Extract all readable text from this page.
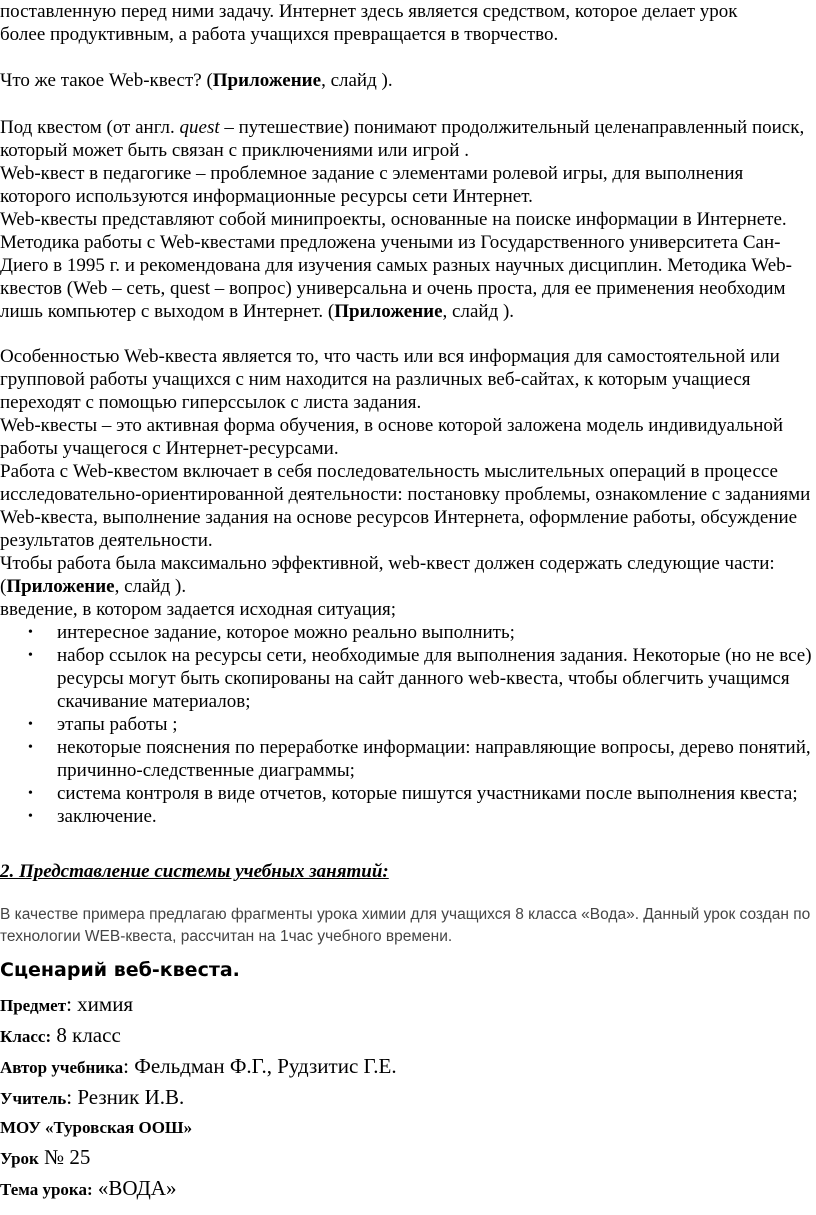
поставленную перед ними задачу. Интернет здесь является средством, которое делает урок
более продуктивным, а работа учащихся превращается в творчество.

Что же такое Web-квест? (Приложение, слайд ).

Под квестом (от англ. quest – путешествие) понимают продолжительный целенаправленный поиск, который может быть связан с приключениями или игрой .

Web-квест в педагогике – проблемное задание c элементами ролевой игры, для выполнения которого используются информационные ресурсы сети Интернет.

Web-квесты представляют собой минипроекты, основанные на поиске информации в Интернете. Методика работы с Web-квестами предложена учеными из Государственного университета Сан-Диего в 1995 г. и рекомендована для изучения самых разных научных дисциплин. Методика Web-квестов (Web – сеть, quest – вопрос) универсальна и очень проста, для ее применения необходим лишь компьютер с выходом в Интернет. (Приложение, слайд ).

Особенностью Web-квеста является то, что часть или вся информация для самостоятельной или групповой работы учащихся с ним находится на различных веб-сайтах, к которым учащиеся переходят с помощью гиперссылок с листа задания.

Web-квесты – это активная форма обучения, в основе которой заложена модель индивидуальной работы учащегося с Интернет-ресурсами.

Работа с Web-квестом включает в себя последовательность мыслительных операций в процессе исследовательно-ориентированной деятельности: постановку проблемы, ознакомление с заданиями Web-квеста, выполнение задания на основе ресурсов Интернета, оформление работы, обсуждение результатов деятельности.

Чтобы работа была максимально эффективной, web-квест должен содержать следующие части: (Приложение, слайд ).

введение, в котором задается исходная ситуация;

• интересное задание, которое можно реально выполнить;
• набор ссылок на ресурсы сети, необходимые для выполнения задания. Некоторые (но не все) ресурсы могут быть скопированы на сайт данного web-квеста, чтобы облегчить учащимся скачивание материалов;
• этапы работы ;
• некоторые пояснения по переработке информации: направляющие вопросы, дерево понятий, причинно-следственные диаграммы;
• система контроля в виде отчетов, которые пишутся участниками после выполнения квеста;
• заключение.

2. Представление системы учебных занятий:

В качестве примера предлагаю фрагменты урока химии для учащихся 8 класса «Вода». Данный урок создан по технологии WEB-квеста, рассчитан на 1час учебного времени.

Сценарий веб-квеста.

Предмет: химия

Класс: 8 класс

Автор учебника: Фельдман Ф.Г., Рудзитис Г.Е.

Учитель: Резник И.В.

МОУ «Туровская ООШ»

Урок № 25

Тема урока: «ВОДА»
